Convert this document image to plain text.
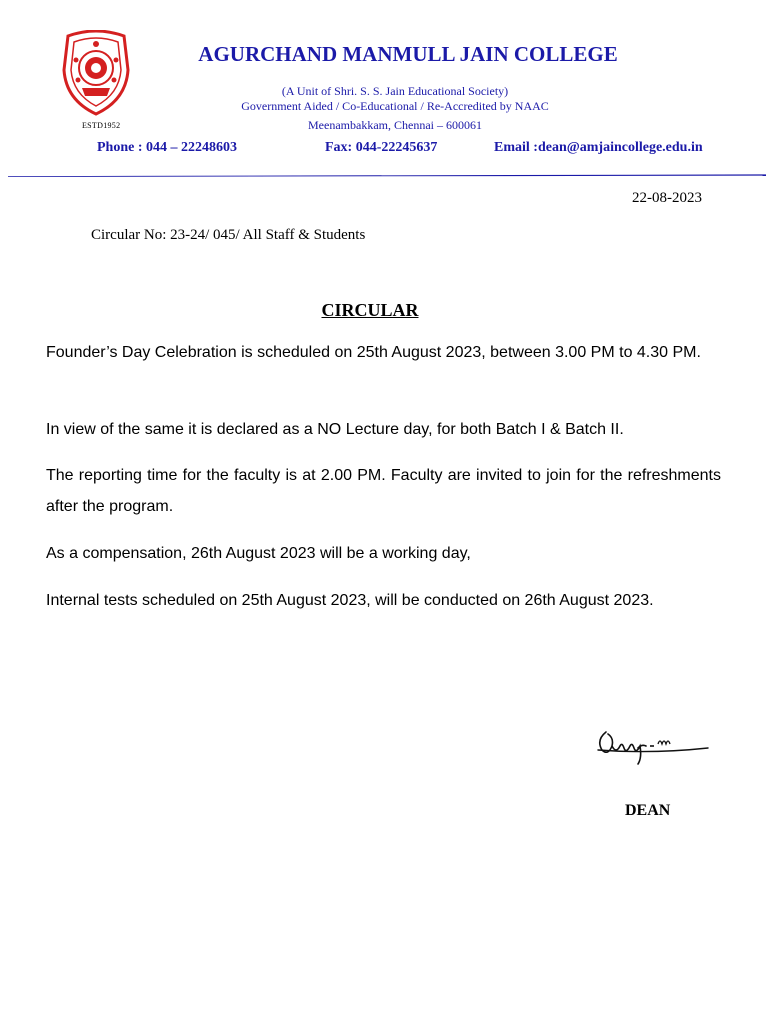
ESTD1952
AGURCHAND MANMULL JAIN COLLEGE
(A Unit of Shri. S. S. Jain Educational Society)
Government Aided / Co-Educational / Re-Accredited by NAAC
Meenambakkam, Chennai – 600061
Phone : 044 – 22248603	Fax: 044-22245637	Email :dean@amjaincollege.edu.in
22-08-2023
Circular No: 23-24/ 045/ All Staff & Students
CIRCULAR
Founder’s Day Celebration is scheduled on 25th August 2023, between 3.00 PM to 4.30 PM.
In view of the same it is declared as a NO Lecture day, for both Batch I & Batch II.
The reporting time for the faculty is at 2.00 PM. Faculty are invited to join for the refreshments after the program.
As a compensation, 26th August 2023 will be a working day,
Internal tests scheduled on 25th August 2023, will be conducted on 26th August 2023.
DEAN
